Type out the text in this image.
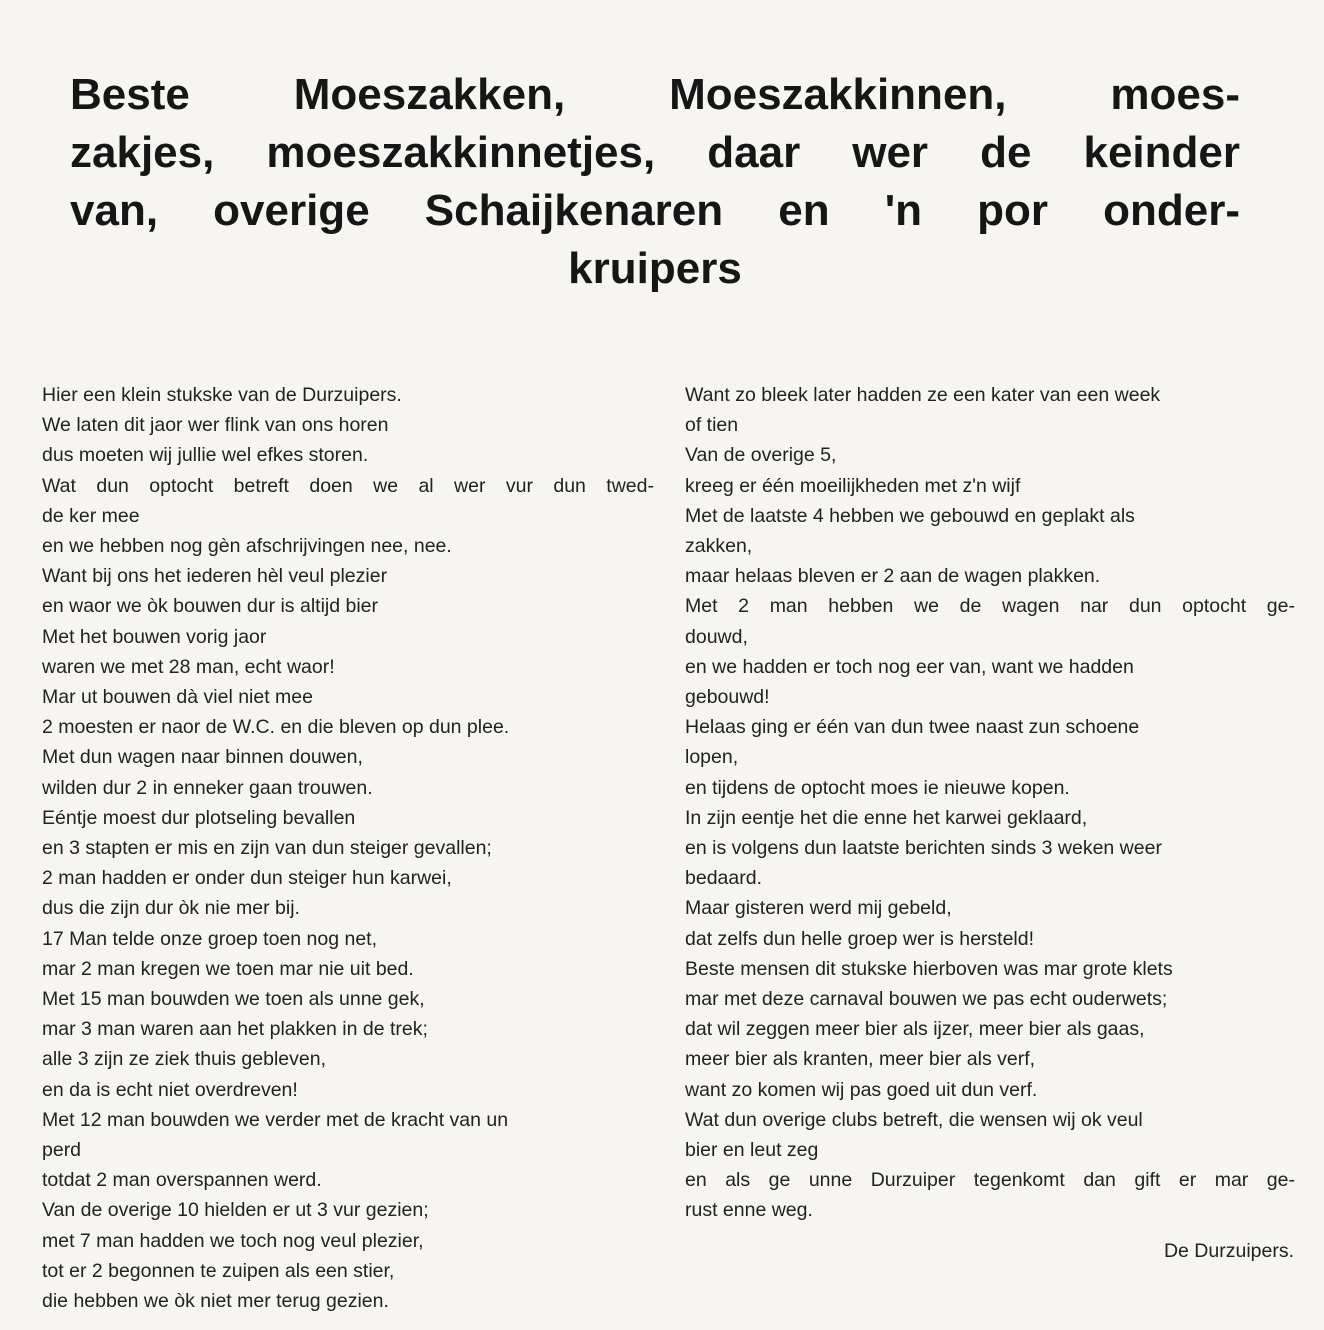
Beste Moeszakken, Moeszakkinnen, moes-
zakjes, moeszakkinnetjes, daar wer de keinder
van, overige Schaijkenaren en 'n por onder-
kruipers
Hier een klein stukske van de Durzuipers.
We laten dit jaor wer flink van ons horen
dus moeten wij jullie wel efkes storen.
Wat dun optocht betreft doen we al wer vur dun twed-
de ker mee
en we hebben nog gèn afschrijvingen nee, nee.
Want bij ons het iederen hèl veul plezier
en waor we òk bouwen dur is altijd bier
Met het bouwen vorig jaor
waren we met 28 man, echt waor!
Mar ut bouwen dà viel niet mee
2 moesten er naor de W.C. en die bleven op dun plee.
Met dun wagen naar binnen douwen,
wilden dur 2 in enneker gaan trouwen.
Eéntje moest dur plotseling bevallen
en 3 stapten er mis en zijn van dun steiger gevallen;
2 man hadden er onder dun steiger hun karwei,
dus die zijn dur òk nie mer bij.
17 Man telde onze groep toen nog net,
mar 2 man kregen we toen mar nie uit bed.
Met 15 man bouwden we toen als unne gek,
mar 3 man waren aan het plakken in de trek;
alle 3 zijn ze ziek thuis gebleven,
en da is echt niet overdreven!
Met 12 man bouwden we verder met de kracht van un
perd
totdat 2 man overspannen werd.
Van de overige 10 hielden er ut 3 vur gezien;
met 7 man hadden we toch nog veul plezier,
tot er 2 begonnen te zuipen als een stier,
die hebben we òk niet mer terug gezien.
Want zo bleek later hadden ze een kater van een week
of tien
Van de overige 5,
kreeg er één moeilijkheden met z'n wijf
Met de laatste 4 hebben we gebouwd en geplakt als
zakken,
maar helaas bleven er 2 aan de wagen plakken.
Met 2 man hebben we de wagen nar dun optocht ge-
douwd,
en we hadden er toch nog eer van, want we hadden
gebouwd!
Helaas ging er één van dun twee naast zun schoene
lopen,
en tijdens de optocht moes ie nieuwe kopen.
In zijn eentje het die enne het karwei geklaard,
en is volgens dun laatste berichten sinds 3 weken weer
bedaard.
Maar gisteren werd mij gebeld,
dat zelfs dun helle groep wer is hersteld!
Beste mensen dit stukske hierboven was mar grote klets
mar met deze carnaval bouwen we pas echt ouderwets;
dat wil zeggen meer bier als ijzer, meer bier als gaas,
meer bier als kranten, meer bier als verf,
want zo komen wij pas goed uit dun verf.
Wat dun overige clubs betreft, die wensen wij ok veul
bier en leut zeg
en als ge unne Durzuiper tegenkomt dan gift er mar ge-
rust enne weg.
De Durzuipers.
